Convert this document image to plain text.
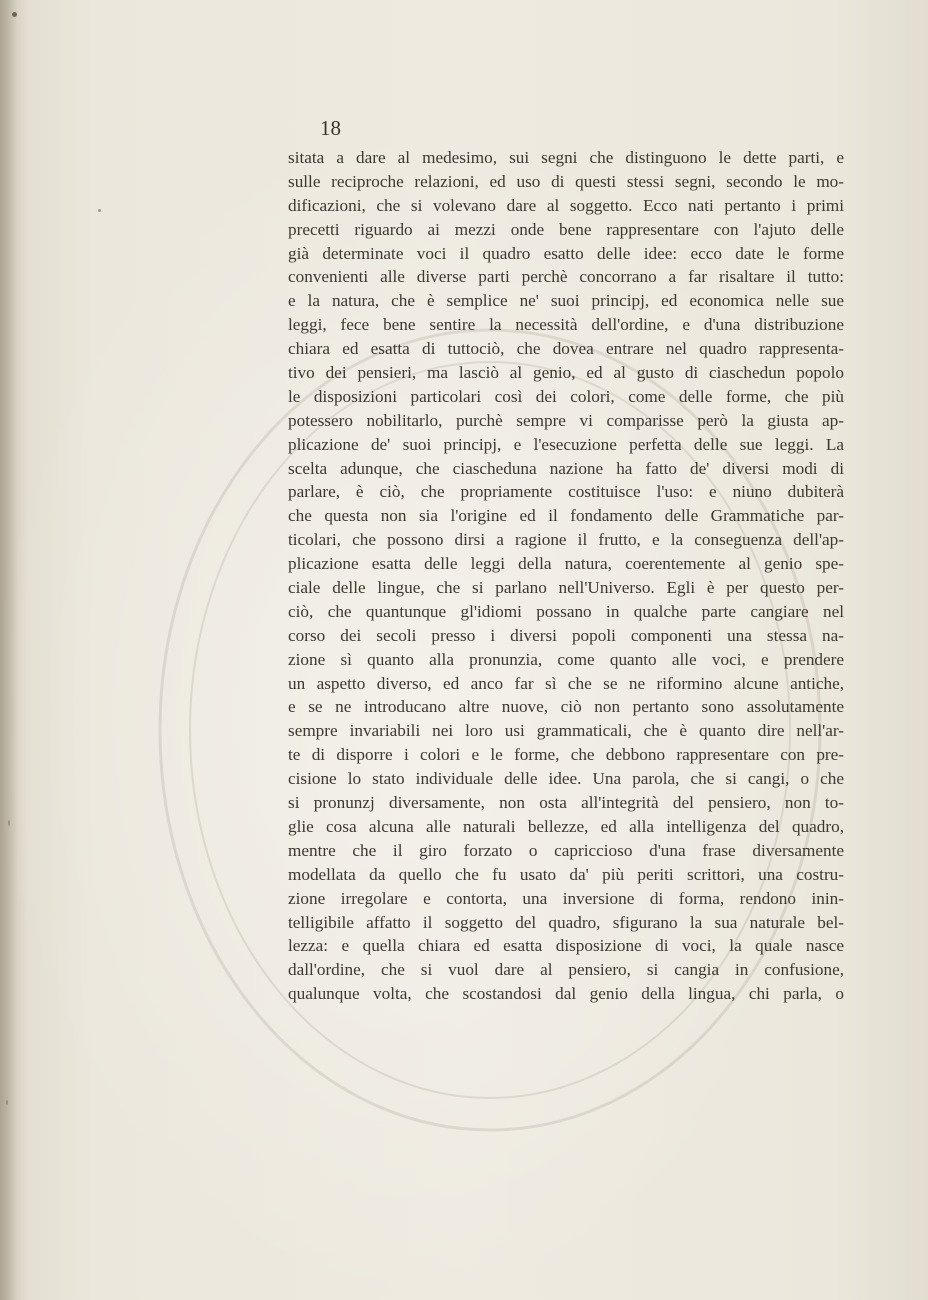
18
sitata a dare al medesimo, sui segni che distinguono le dette parti, e
sulle reciproche relazioni, ed uso di questi stessi segni, secondo le mo-
dificazioni, che si volevano dare al soggetto. Ecco nati pertanto i primi
precetti riguardo ai mezzi onde bene rappresentare con l'ajuto delle
già determinate voci il quadro esatto delle idee: ecco date le forme
convenienti alle diverse parti perchè concorrano a far risaltare il tutto:
e la natura, che è semplice ne' suoi principj, ed economica nelle sue
leggi, fece bene sentire la necessità dell'ordine, e d'una distribuzione
chiara ed esatta di tuttociò, che dovea entrare nel quadro rappresenta-
tivo dei pensieri, ma lasciò al genio, ed al gusto di ciaschedun popolo
le disposizioni particolari così dei colori, come delle forme, che più
potessero nobilitarlo, purchè sempre vi comparisse però la giusta ap-
plicazione de' suoi principj, e l'esecuzione perfetta delle sue leggi. La
scelta adunque, che ciascheduna nazione ha fatto de' diversi modi di
parlare, è ciò, che propriamente costituisce l'uso: e niuno dubiterà
che questa non sia l'origine ed il fondamento delle Grammatiche par-
ticolari, che possono dirsi a ragione il frutto, e la conseguenza dell'ap-
plicazione esatta delle leggi della natura, coerentemente al genio spe-
ciale delle lingue, che si parlano nell'Universo. Egli è per questo per-
ciò, che quantunque gl'idiomi possano in qualche parte cangiare nel
corso dei secoli presso i diversi popoli componenti una stessa na-
zione sì quanto alla pronunzia, come quanto alle voci, e prendere
un aspetto diverso, ed anco far sì che se ne riformino alcune antiche,
e se ne introducano altre nuove, ciò non pertanto sono assolutamente
sempre invariabili nei loro usi grammaticali, che è quanto dire nell'ar-
te di disporre i colori e le forme, che debbono rappresentare con pre-
cisione lo stato individuale delle idee. Una parola, che si cangi, o che
si pronunzj diversamente, non osta all'integrità del pensiero, non to-
glie cosa alcuna alle naturali bellezze, ed alla intelligenza del quadro,
mentre che il giro forzato o capriccioso d'una frase diversamente
modellata da quello che fu usato da' più periti scrittori, una costru-
zione irregolare e contorta, una inversione di forma, rendono inin-
telligibile affatto il soggetto del quadro, sfigurano la sua naturale bel-
lezza: e quella chiara ed esatta disposizione di voci, la quale nasce
dall'ordine, che si vuol dare al pensiero, si cangia in confusione,
qualunque volta, che scostandosi dal genio della lingua, chi parla, o
